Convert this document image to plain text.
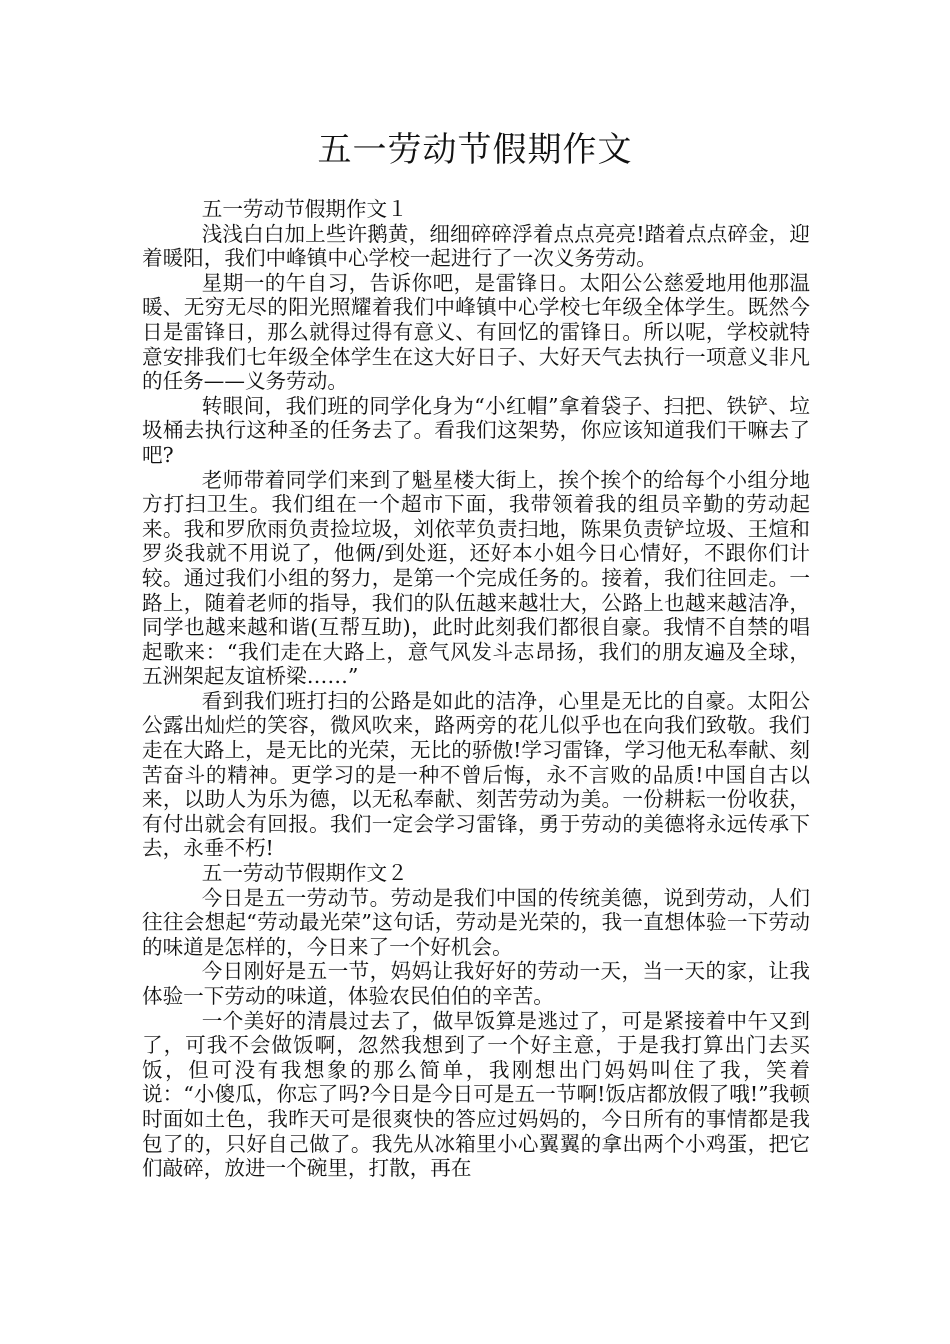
五一劳动节假期作文

五一劳动节假期作文１

浅浅白白加上些许鹅黄，细细碎碎浮着点点亮亮!踏着点点碎金，迎着暖阳，我们中峰镇中心学校一起进行了一次义务劳动。

星期一的午自习，告诉你吧，是雷锋日。太阳公公慈爱地用他那温暖、无穷无尽的阳光照耀着我们中峰镇中心学校七年级全体学生。既然今日是雷锋日，那么就得过得有意义、有回忆的雷锋日。所以呢，学校就特意安排我们七年级全体学生在这大好日子、大好天气去执行一项意义非凡的任务——义务劳动。

转眼间，我们班的同学化身为“小红帽”拿着袋子、扫把、铁铲、垃圾桶去执行这种圣的任务去了。看我们这架势，你应该知道我们干嘛去了吧?

老师带着同学们来到了魁星楼大街上，挨个挨个的给每个小组分地方打扫卫生。我们组在一个超市下面，我带领着我的组员辛勤的劳动起来。我和罗欣雨负责捡垃圾，刘依苹负责扫地，陈果负责铲垃圾、王煊和罗炎我就不用说了，他俩/到处逛，还好本小姐今日心情好，不跟你们计较。通过我们小组的努力，是第一个完成任务的。接着，我们往回走。一路上，随着老师的指导，我们的队伍越来越壮大，公路上也越来越洁净，同学也越来越和谐(互帮互助)，此时此刻我们都很自豪。我情不自禁的唱起歌来：“我们走在大路上，意气风发斗志昂扬，我们的朋友遍及全球，五洲架起友谊桥梁……”

看到我们班打扫的公路是如此的洁净，心里是无比的自豪。太阳公公露出灿烂的笑容，微风吹来，路两旁的花儿似乎也在向我们致敬。我们走在大路上，是无比的光荣，无比的骄傲!学习雷锋，学习他无私奉献、刻苦奋斗的精神。更学习的是一种不曾后悔，永不言败的品质!中国自古以来，以助人为乐为德，以无私奉献、刻苦劳动为美。一份耕耘一份收获，有付出就会有回报。我们一定会学习雷锋，勇于劳动的美德将永远传承下去，永垂不朽!

五一劳动节假期作文２

今日是五一劳动节。劳动是我们中国的传统美德，说到劳动，人们往往会想起“劳动最光荣”这句话，劳动是光荣的，我一直想体验一下劳动的味道是怎样的，今日来了一个好机会。

今日刚好是五一节，妈妈让我好好的劳动一天，当一天的家，让我体验一下劳动的味道，体验农民伯伯的辛苦。

一个美好的清晨过去了，做早饭算是逃过了，可是紧接着中午又到了，可我不会做饭啊，忽然我想到了一个好主意，于是我打算出门去买饭，但可没有我想象的那么简单，我刚想出门妈妈叫住了我，笑着说：“小傻瓜，你忘了吗?今日是今日可是五一节啊!饭店都放假了哦!”我顿时面如土色，我昨天可是很爽快的答应过妈妈的，今日所有的事情都是我包了的，只好自己做了。我先从冰箱里小心翼翼的拿出两个小鸡蛋，把它们敲碎，放进一个碗里，打散，再在
